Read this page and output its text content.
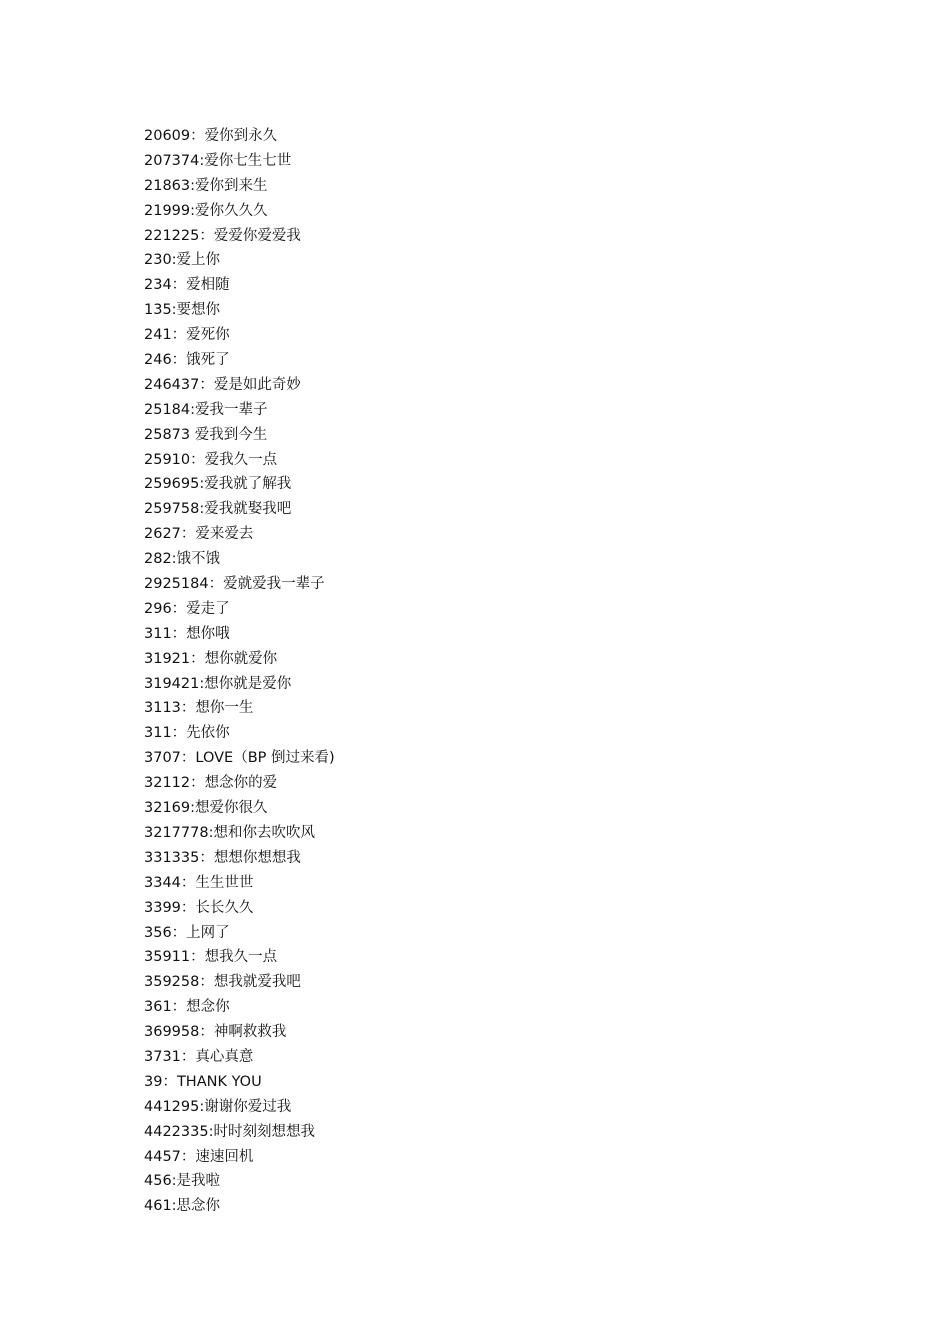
20609：爱你到永久
207374:爱你七生七世
21863:爱你到来生
21999:爱你久久久
221225：爱爱你爱爱我
230:爱上你
234：爱相随
135:要想你
241：爱死你
246：饿死了
246437：爱是如此奇妙
25184:爱我一辈子
25873 爱我到今生
25910：爱我久一点
259695:爱我就了解我
259758:爱我就娶我吧
2627：爱来爱去
282:饿不饿
2925184：爱就爱我一辈子
296：爱走了
311：想你哦
31921：想你就爱你
319421:想你就是爱你
3113：想你一生
311：先依你
3707：LOVE（BP 倒过来看)
32112：想念你的爱
32169:想爱你很久
3217778:想和你去吹吹风
331335：想想你想想我
3344：生生世世
3399：长长久久
356：上网了
35911：想我久一点
359258：想我就爱我吧
361：想念你
369958：神啊救救我
3731：真心真意
39：THANK YOU
441295:谢谢你爱过我
4422335:时时刻刻想想我
4457：速速回机
456:是我啦
461:思念你
